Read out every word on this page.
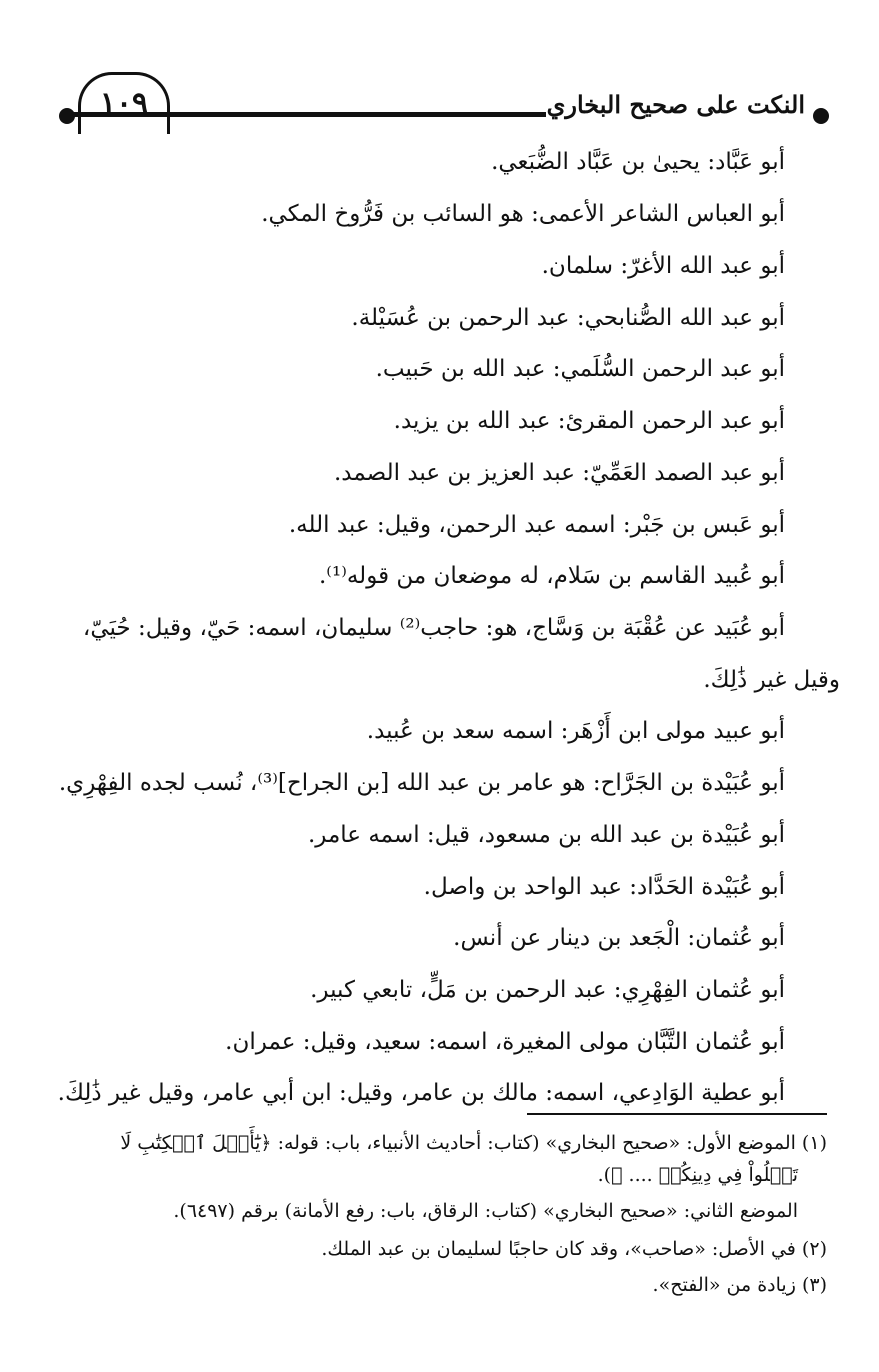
١٠٩	النكت على صحيح البخاري
أبو عَبَّاد: يحيىٰ بن عَبَّاد الضُّبَعي.
أبو العباس الشاعر الأعمى: هو السائب بن فَرُّوخ المكي.
أبو عبد الله الأغرّ: سلمان.
أبو عبد الله الصُّنابحي: عبد الرحمن بن عُسَيْلة.
أبو عبد الرحمن السُّلَمي: عبد الله بن حَبيب.
أبو عبد الرحمن المقرئ: عبد الله بن يزيد.
أبو عبد الصمد العَمِّيّ: عبد العزيز بن عبد الصمد.
أبو عَبس بن جَبْر: اسمه عبد الرحمن، وقيل: عبد الله.
أبو عُبيد القاسم بن سَلام، له موضعان من قوله⁽¹⁾.
أبو عُبَيد عن عُقْبَة بن وَسَّاج، هو: حاجب⁽²⁾ سليمان، اسمه: حَيّ، وقيل: حُيَيّ،
وقيل غير ذَٰلِكَ.
أبو عبيد مولى ابن أَزْهَر: اسمه سعد بن عُبيد.
أبو عُبَيْدة بن الجَرَّاح: هو عامر بن عبد الله [بن الجراح]⁽³⁾، نُسب لجده الفِهْرِي.
أبو عُبَيْدة بن عبد الله بن مسعود، قيل: اسمه عامر.
أبو عُبَيْدة الحَدَّاد: عبد الواحد بن واصل.
أبو عُثمان: الْجَعد بن دينار عن أنس.
أبو عُثمان الفِهْرِي: عبد الرحمن بن مَلٍّ، تابعي كبير.
أبو عُثمان التَّبَّان مولى المغيرة، اسمه: سعيد، وقيل: عمران.
أبو عطية الوَادِعي، اسمه: مالك بن عامر، وقيل: ابن أبي عامر، وقيل غير ذَٰلِكَ.
(١) الموضع الأول: «صحيح البخاري» (كتاب: أحاديث الأنبياء، باب: قوله: ﴿يَٰٓأَهۡلَ ٱلۡكِتَٰبِ لَا
تَغۡلُواْ فِي دِينِكُمۡ .... ﴾).
الموضع الثاني: «صحيح البخاري» (كتاب: الرقاق، باب: رفع الأمانة) برقم (٦٤٩٧).
(٢) في الأصل: «صاحب»، وقد كان حاجبًا لسليمان بن عبد الملك.
(٣) زيادة من «الفتح».
